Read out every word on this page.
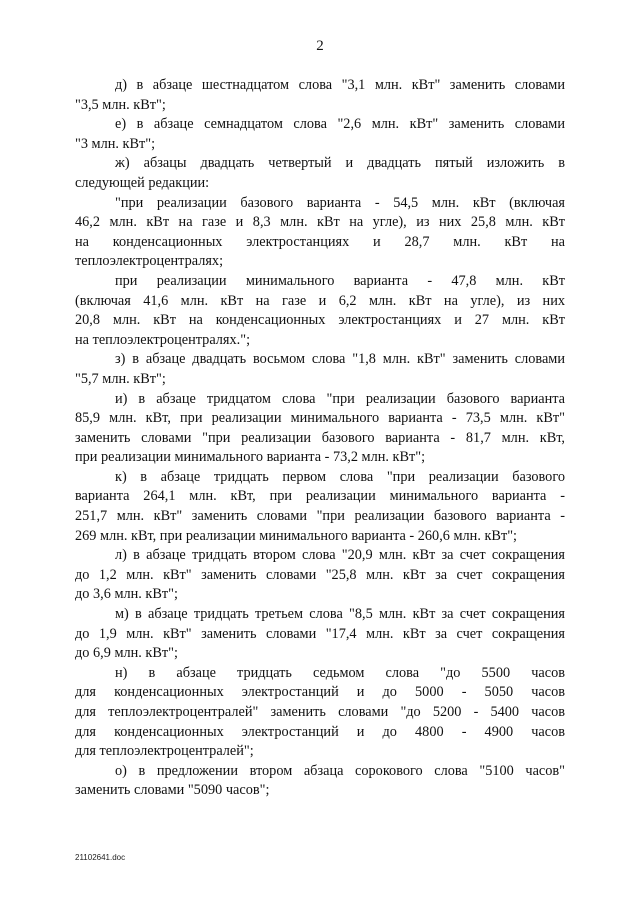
2
д) в абзаце шестнадцатом слова "3,1 млн. кВт" заменить словами
"3,5 млн. кВт";
е) в абзаце семнадцатом слова "2,6 млн. кВт" заменить словами
"3 млн. кВт";
ж) абзацы двадцать четвертый и двадцать пятый изложить в
следующей редакции:
"при реализации базового варианта - 54,5 млн. кВт (включая
46,2 млн. кВт на газе и 8,3 млн. кВт на угле), из них 25,8 млн. кВт
на конденсационных электростанциях и 28,7 млн. кВт на
теплоэлектроцентралях;
при реализации минимального варианта - 47,8 млн. кВт
(включая 41,6 млн. кВт на газе и 6,2 млн. кВт на угле), из них
20,8 млн. кВт на конденсационных электростанциях и 27 млн. кВт
на теплоэлектроцентралях.";
з) в абзаце двадцать восьмом слова "1,8 млн. кВт" заменить словами
"5,7 млн. кВт";
и) в абзаце тридцатом слова "при реализации базового варианта
85,9 млн. кВт, при реализации минимального варианта - 73,5 млн. кВт"
заменить словами "при реализации базового варианта - 81,7 млн. кВт,
при реализации минимального варианта - 73,2 млн. кВт";
к) в абзаце тридцать первом слова "при реализации базового
варианта 264,1 млн. кВт, при реализации минимального варианта -
251,7 млн. кВт" заменить словами "при реализации базового варианта -
269 млн. кВт, при реализации минимального варианта - 260,6 млн. кВт";
л) в абзаце тридцать втором слова "20,9 млн. кВт за счет сокращения
до 1,2 млн. кВт" заменить словами "25,8 млн. кВт за счет сокращения
до 3,6 млн. кВт";
м) в абзаце тридцать третьем слова "8,5 млн. кВт за счет сокращения
до 1,9 млн. кВт" заменить словами "17,4 млн. кВт за счет сокращения
до 6,9 млн. кВт";
н) в абзаце тридцать седьмом слова "до 5500 часов
для конденсационных электростанций и до 5000 - 5050 часов
для теплоэлектроцентралей" заменить словами "до 5200 - 5400 часов
для конденсационных электростанций и до 4800 - 4900 часов
для теплоэлектроцентралей";
о) в предложении втором абзаца сорокового слова "5100 часов"
заменить словами "5090 часов";
21102641.doc
